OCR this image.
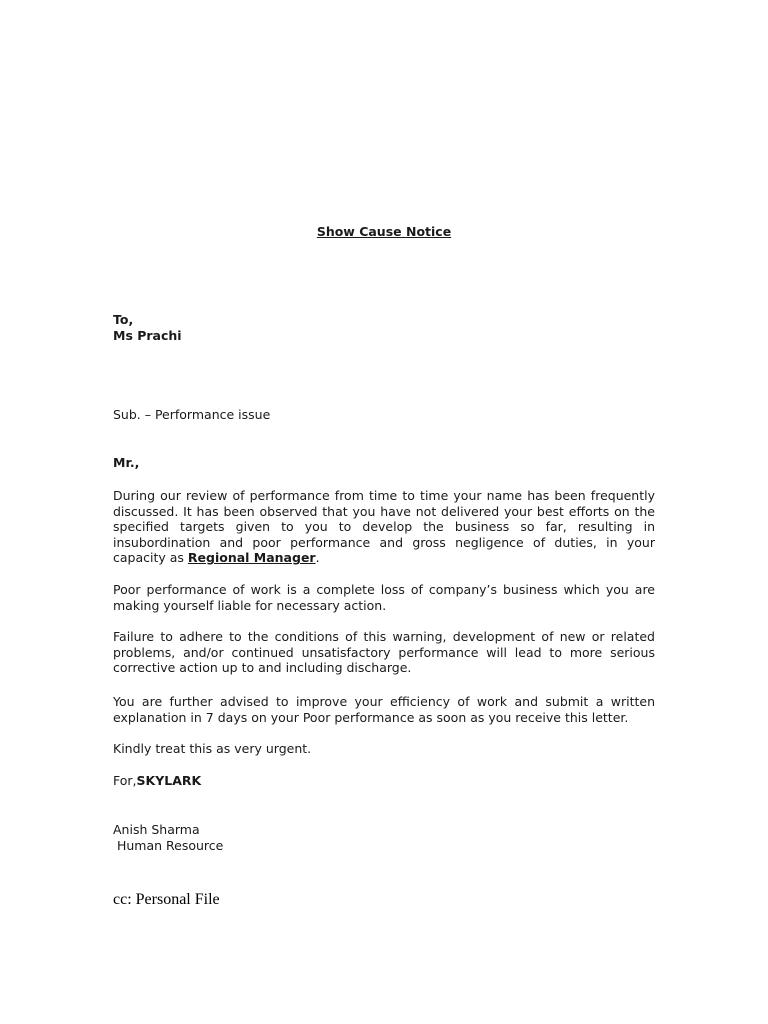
Show Cause Notice
To,
Ms Prachi
Sub. – Performance issue
Mr.,
During our review of performance from time to time your name has been frequently discussed. It has been observed that you have not delivered your best efforts on the specified targets given to you to develop the business so far, resulting in insubordination and poor performance and gross negligence of duties, in your capacity as Regional Manager.
Poor performance of work is a complete loss of company’s business which you are making yourself liable for necessary action.
Failure to adhere to the conditions of this warning, development of new or related problems, and/or continued unsatisfactory performance will lead to more serious corrective action up to and including discharge.
You are further advised to improve your efficiency of work and submit a written explanation in 7 days on your Poor performance as soon as you receive this letter.
Kindly treat this as very urgent.
For,SKYLARK
Anish Sharma
Human Resource
cc: Personal File
